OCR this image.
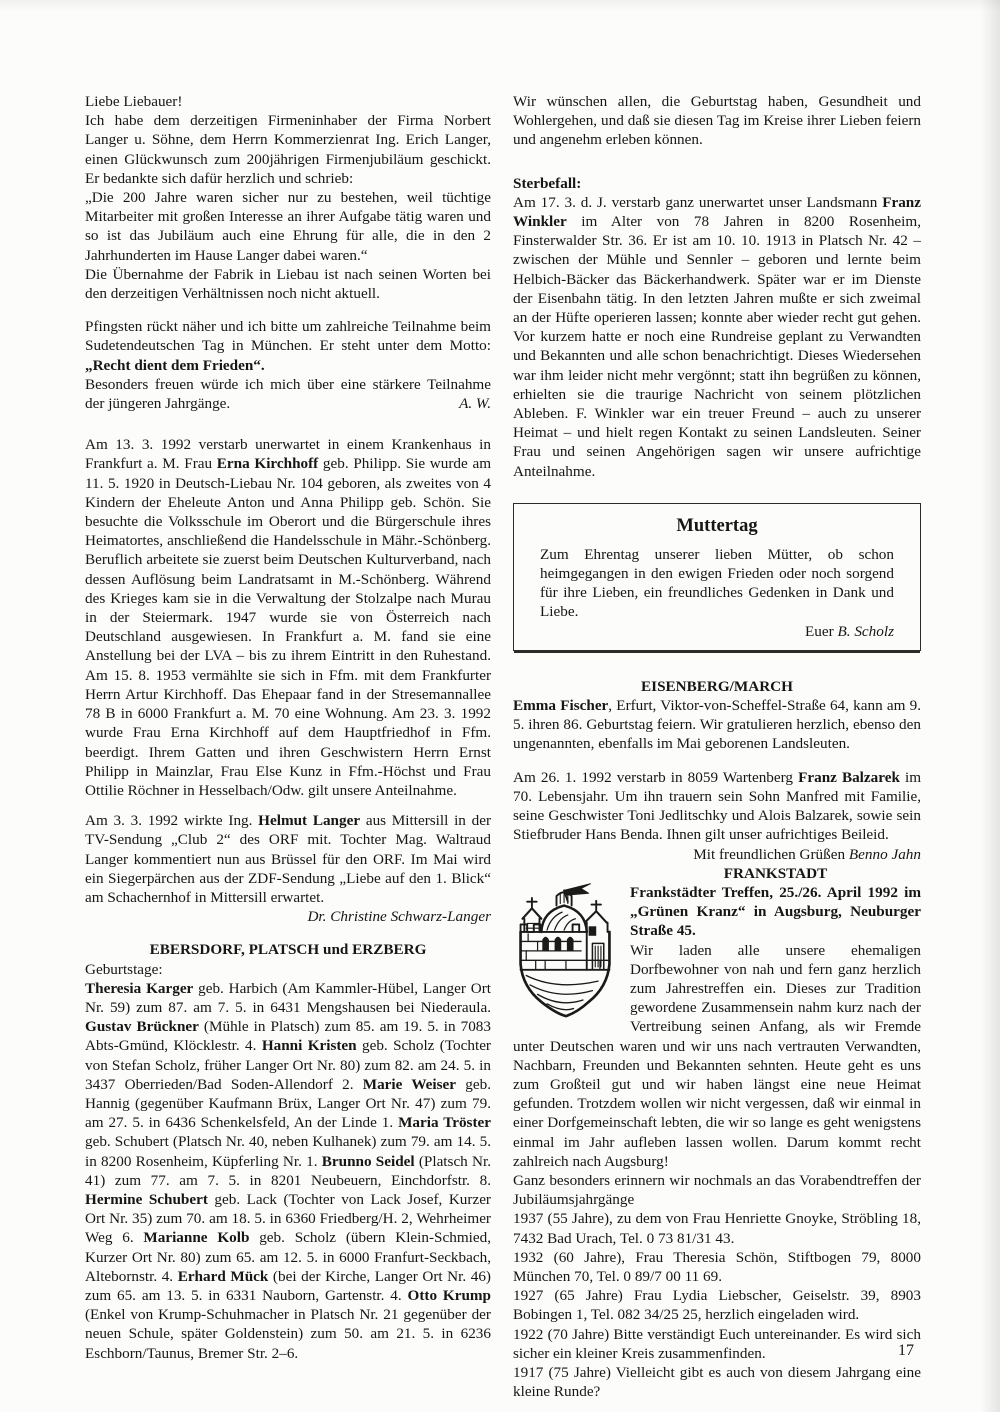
Liebe Liebauer!
Ich habe dem derzeitigen Firmeninhaber der Firma Norbert Langer u. Söhne, dem Herrn Kommerzienrat Ing. Erich Langer, einen Glückwunsch zum 200jährigen Firmenjubiläum geschickt. Er bedankte sich dafür herzlich und schrieb:
„Die 200 Jahre waren sicher nur zu bestehen, weil tüchtige Mitarbeiter mit großen Interesse an ihrer Aufgabe tätig waren und so ist das Jubiläum auch eine Ehrung für alle, die in den 2 Jahrhunderten im Hause Langer dabei waren.“
Die Übernahme der Fabrik in Liebau ist nach seinen Worten bei den derzeitigen Verhältnissen noch nicht aktuell.
Pfingsten rückt näher und ich bitte um zahlreiche Teilnahme beim Sudetendeutschen Tag in München. Er steht unter dem Motto: „Recht dient dem Frieden“.
Besonders freuen würde ich mich über eine stärkere Teilnahme der jüngeren Jahrgänge.	A. W.
Am 13. 3. 1992 verstarb unerwartet in einem Krankenhaus in Frankfurt a. M. Frau Erna Kirchhoff geb. Philipp. Sie wurde am 11. 5. 1920 in Deutsch-Liebau Nr. 104 geboren, als zweites von 4 Kindern der Eheleute Anton und Anna Philipp geb. Schön. Sie besuchte die Volksschule im Oberort und die Bürgerschule ihres Heimatortes, anschließend die Handelsschule in Mähr.-Schönberg. Beruflich arbeitete sie zuerst beim Deutschen Kulturverband, nach dessen Auflösung beim Landratsamt in M.-Schönberg. Während des Krieges kam sie in die Verwaltung der Stolzalpe nach Murau in der Steiermark. 1947 wurde sie von Österreich nach Deutschland ausgewiesen. In Frankfurt a. M. fand sie eine Anstellung bei der LVA – bis zu ihrem Eintritt in den Ruhestand. Am 15. 8. 1953 vermählte sie sich in Ffm. mit dem Frankfurter Herrn Artur Kirchhoff. Das Ehepaar fand in der Stresemannallee 78 B in 6000 Frankfurt a. M. 70 eine Wohnung. Am 23. 3. 1992 wurde Frau Erna Kirchhoff auf dem Hauptfriedhof in Ffm. beerdigt. Ihrem Gatten und ihren Geschwistern Herrn Ernst Philipp in Mainzlar, Frau Else Kunz in Ffm.-Höchst und Frau Ottilie Röchner in Hesselbach/Odw. gilt unsere Anteilnahme.
Am 3. 3. 1992 wirkte Ing. Helmut Langer aus Mittersill in der TV-Sendung „Club 2“ des ORF mit. Tochter Mag. Waltraud Langer kommentiert nun aus Brüssel für den ORF. Im Mai wird ein Siegerpärchen aus der ZDF-Sendung „Liebe auf den 1. Blick“ am Schachernhof in Mittersill erwartet.
Dr. Christine Schwarz-Langer
EBERSDORF, PLATSCH und ERZBERG
Geburtstage:
Theresia Karger geb. Harbich (Am Kammler-Hübel, Langer Ort Nr. 59) zum 87. am 7. 5. in 6431 Mengshausen bei Niederaula. Gustav Brückner (Mühle in Platsch) zum 85. am 19. 5. in 7083 Abts-Gmünd, Klöcklestr. 4. Hanni Kristen geb. Scholz (Tochter von Stefan Scholz, früher Langer Ort Nr. 80) zum 82. am 24. 5. in 3437 Oberrieden/Bad Soden-Allendorf 2. Marie Weiser geb. Hannig (gegenüber Kaufmann Brüx, Langer Ort Nr. 47) zum 79. am 27. 5. in 6436 Schenkelsfeld, An der Linde 1. Maria Tröster geb. Schubert (Platsch Nr. 40, neben Kulhanek) zum 79. am 14. 5. in 8200 Rosenheim, Küpferling Nr. 1. Brunno Seidel (Platsch Nr. 41) zum 77. am 7. 5. in 8201 Neubeuern, Einchdorfstr. 8. Hermine Schubert geb. Lack (Tochter von Lack Josef, Kurzer Ort Nr. 35) zum 70. am 18. 5. in 6360 Friedberg/H. 2, Wehrheimer Weg 6. Marianne Kolb geb. Scholz (übern Klein-Schmied, Kurzer Ort Nr. 80) zum 65. am 12. 5. in 6000 Franfurt-Seckbach, Altebornstr. 4. Erhard Mück (bei der Kirche, Langer Ort Nr. 46) zum 65. am 13. 5. in 6331 Nauborn, Gartenstr. 4. Otto Krump (Enkel von Krump-Schuhmacher in Platsch Nr. 21 gegenüber der neuen Schule, später Goldenstein) zum 50. am 21. 5. in 6236 Eschborn/Taunus, Bremer Str. 2–6.
Wir wünschen allen, die Geburtstag haben, Gesundheit und Wohlergehen, und daß sie diesen Tag im Kreise ihrer Lieben feiern und angenehm erleben können.
Sterbefall:
Am 17. 3. d. J. verstarb ganz unerwartet unser Landsmann Franz Winkler im Alter von 78 Jahren in 8200 Rosenheim, Finsterwalder Str. 36. Er ist am 10. 10. 1913 in Platsch Nr. 42 – zwischen der Mühle und Sennler – geboren und lernte beim Helbich-Bäcker das Bäckerhandwerk. Später war er im Dienste der Eisenbahn tätig. In den letzten Jahren mußte er sich zweimal an der Hüfte operieren lassen; konnte aber wieder recht gut gehen. Vor kurzem hatte er noch eine Rundreise geplant zu Verwandten und Bekannten und alle schon benachrichtigt. Dieses Wiedersehen war ihm leider nicht mehr vergönnt; statt ihn begrüßen zu können, erhielten sie die traurige Nachricht von seinem plötzlichen Ableben. F. Winkler war ein treuer Freund – auch zu unserer Heimat – und hielt regen Kontakt zu seinen Landsleuten. Seiner Frau und seinen Angehörigen sagen wir unsere aufrichtige Anteilnahme.
Muttertag
Zum Ehrentag unserer lieben Mütter, ob schon heimgegangen in den ewigen Frieden oder noch sorgend für ihre Lieben, ein freundliches Gedenken in Dank und Liebe.
Euer B. Scholz
EISENBERG/MARCH
Emma Fischer, Erfurt, Viktor-von-Scheffel-Straße 64, kann am 9. 5. ihren 86. Geburtstag feiern. Wir gratulieren herzlich, ebenso den ungenannten, ebenfalls im Mai geborenen Landsleuten.
Am 26. 1. 1992 verstarb in 8059 Wartenberg Franz Balzarek im 70. Lebensjahr. Um ihn trauern sein Sohn Manfred mit Familie, seine Geschwister Toni Jedlitschky und Alois Balzarek, sowie sein Stiefbruder Hans Benda. Ihnen gilt unser aufrichtiges Beileid.
Mit freundlichen Grüßen Benno Jahn
FRANKSTADT
Frankstädter Treffen, 25./26. April 1992 im „Grünen Kranz“ in Augsburg, Neuburger Straße 45.
Wir laden alle unsere ehemaligen Dorfbewohner von nah und fern ganz herzlich zum Jahrestreffen ein. Dieses zur Tradition gewordene Zusammensein nahm kurz nach der Vertreibung seinen Anfang, als wir Fremde unter Deutschen waren und wir uns nach vertrauten Verwandten, Nachbarn, Freunden und Bekannten sehnten. Heute geht es uns zum Großteil gut und wir haben längst eine neue Heimat gefunden. Trotzdem wollen wir nicht vergessen, daß wir einmal in einer Dorfgemeinschaft lebten, die wir so lange es geht wenigstens einmal im Jahr aufleben lassen wollen. Darum kommt recht zahlreich nach Augsburg!
Ganz besonders erinnern wir nochmals an das Vorabendtreffen der Jubiläumsjahrgänge
1937 (55 Jahre), zu dem von Frau Henriette Gnoyke, Ströbling 18, 7432 Bad Urach, Tel. 0 73 81/31 43.
1932 (60 Jahre), Frau Theresia Schön, Stiftbogen 79, 8000 München 70, Tel. 0 89/7 00 11 69.
1927 (65 Jahre) Frau Lydia Liebscher, Geiselstr. 39, 8903 Bobingen 1, Tel. 082 34/25 25, herzlich eingeladen wird.
1922 (70 Jahre) Bitte verständigt Euch untereinander. Es wird sich sicher ein kleiner Kreis zusammenfinden.
1917 (75 Jahre) Vielleicht gibt es auch von diesem Jahrgang eine kleine Runde?
17
